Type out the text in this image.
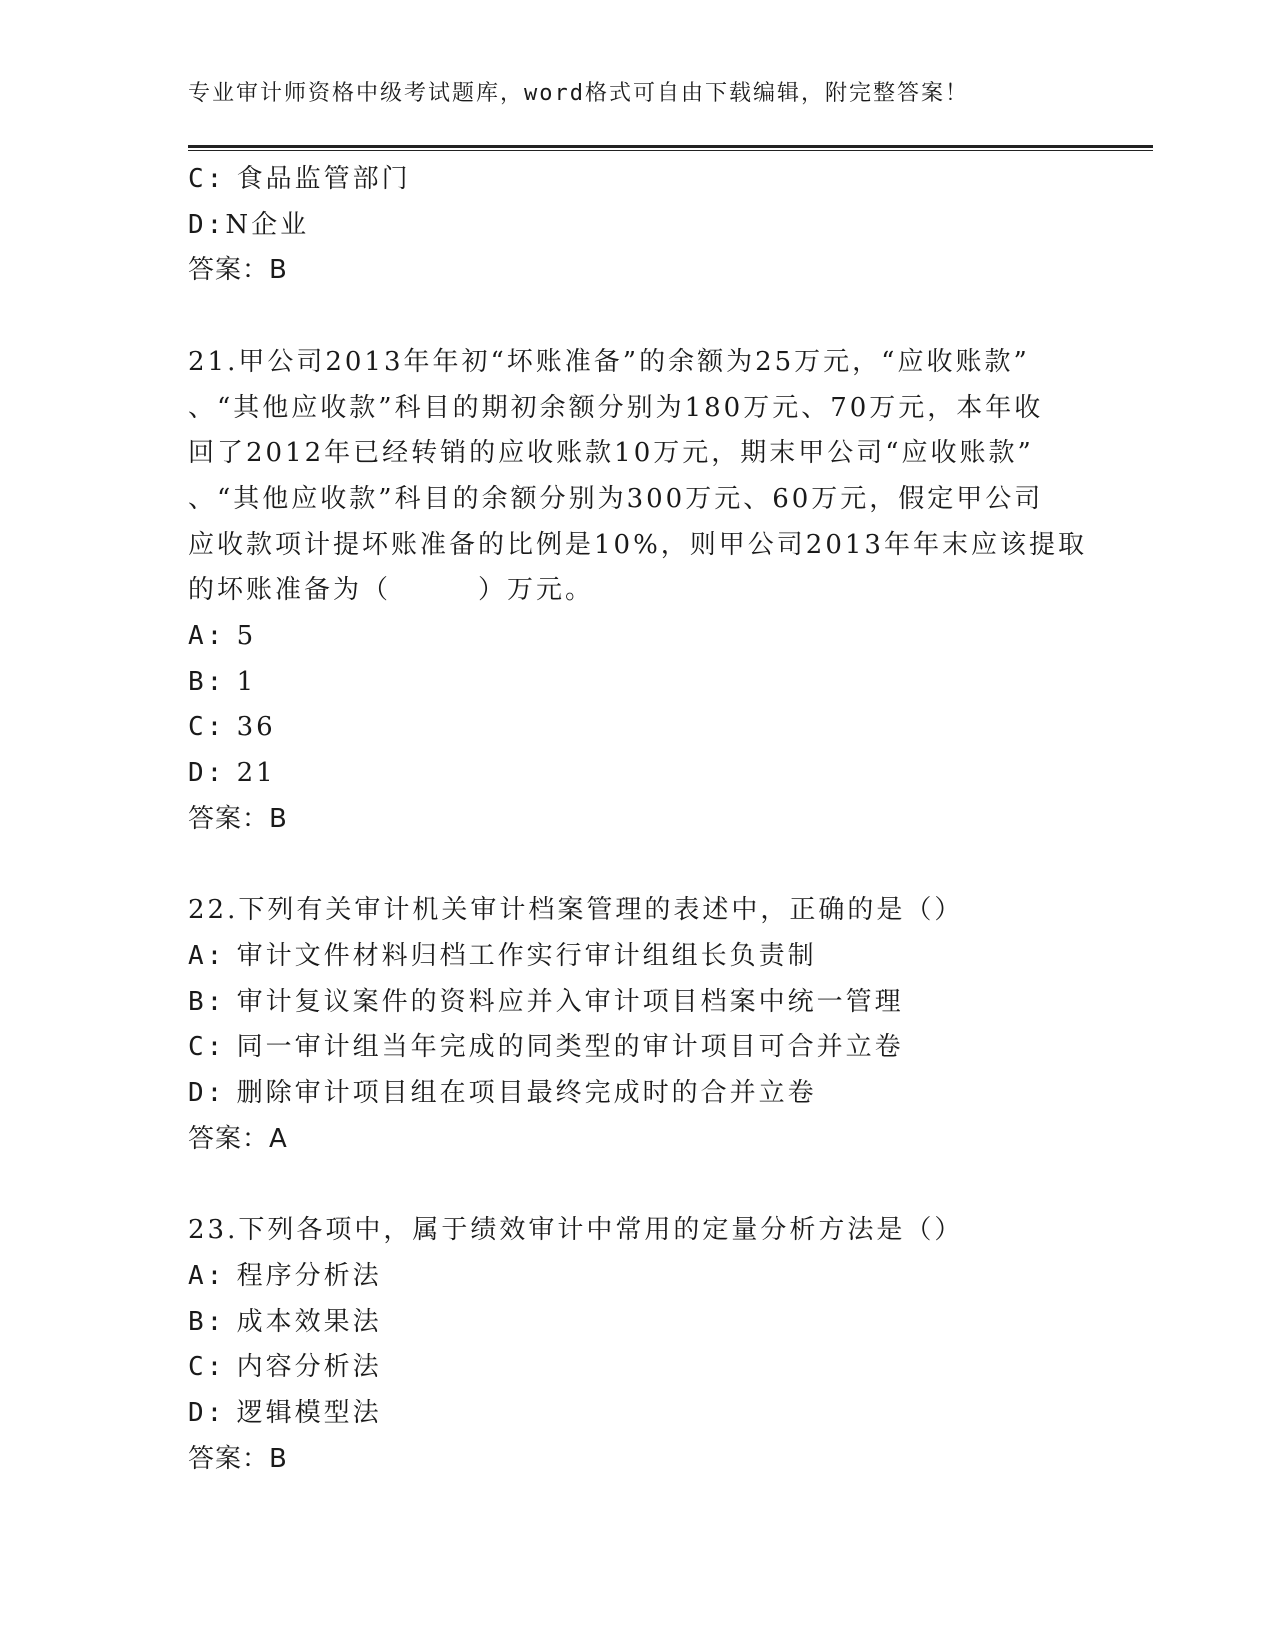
专业审计师资格中级考试题库，word格式可自由下载编辑，附完整答案！
C: 食品监管部门
D:N企业
答案：B
21.甲公司2013年年初“坏账准备”的余额为25万元，“应收账款”
、“其他应收款”科目的期初余额分别为180万元、70万元，本年收
回了2012年已经转销的应收账款10万元，期末甲公司“应收账款”
、“其他应收款”科目的余额分别为300万元、60万元，假定甲公司
应收款项计提坏账准备的比例是10%，则甲公司2013年年末应该提取
的坏账准备为（　　　）万元。
A: 5
B: 1
C: 36
D: 21
答案：B
22.下列有关审计机关审计档案管理的表述中，正确的是（）
A: 审计文件材料归档工作实行审计组组长负责制
B: 审计复议案件的资料应并入审计项目档案中统一管理
C: 同一审计组当年完成的同类型的审计项目可合并立卷
D: 删除审计项目组在项目最终完成时的合并立卷
答案：A
23.下列各项中，属于绩效审计中常用的定量分析方法是（）
A: 程序分析法
B: 成本效果法
C: 内容分析法
D: 逻辑模型法
答案：B
